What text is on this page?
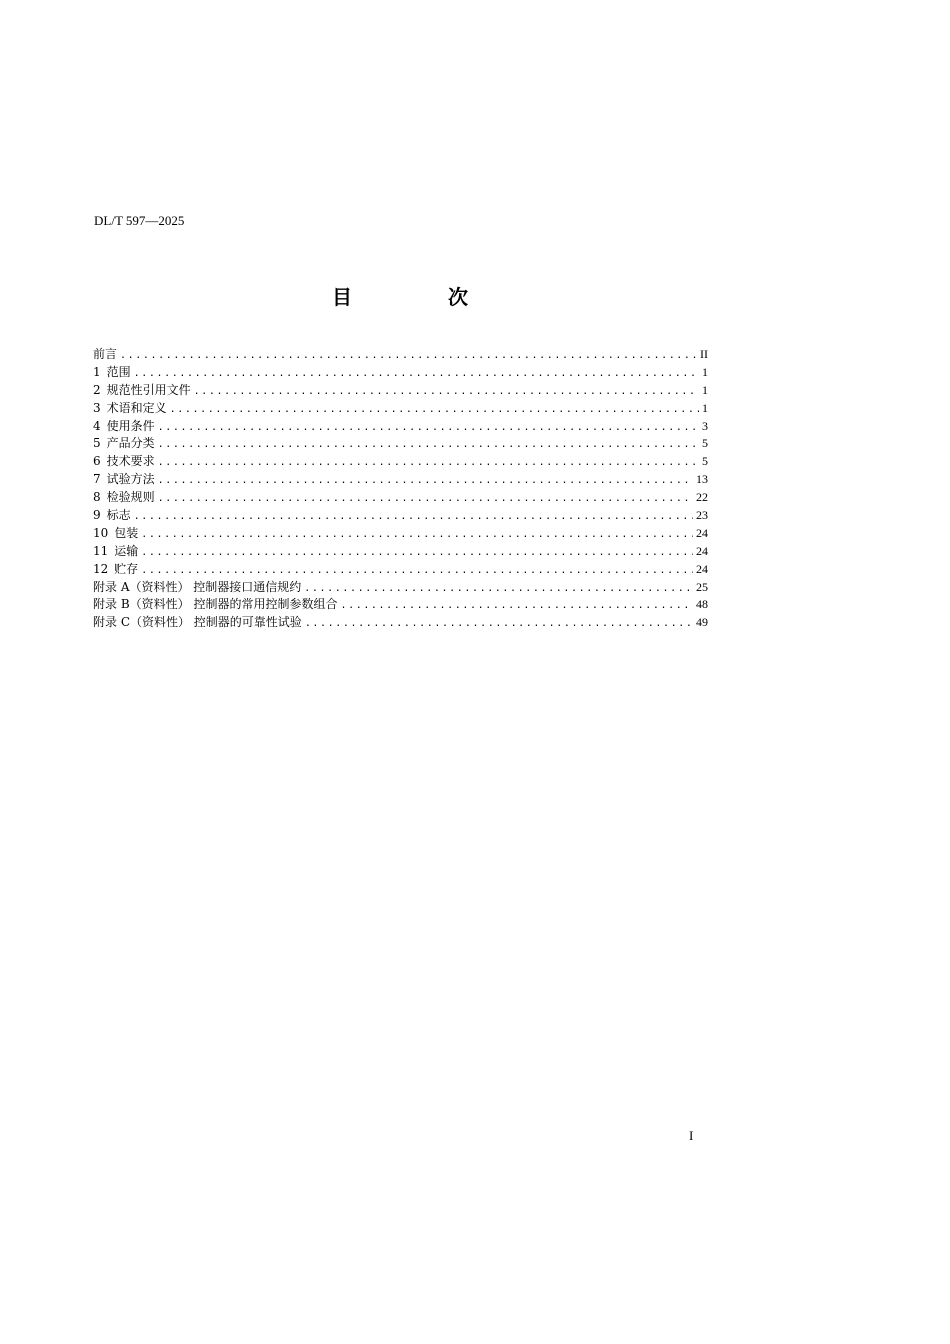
DL/T 597—2025
目　次
前言 .....	II
1 范围 .....	1
2 规范性引用文件 .....	1
3 术语和定义 .....	1
4 使用条件 .....	3
5 产品分类 .....	5
6 技术要求 .....	5
7 试验方法 .....	13
8 检验规则 .....	22
9 标志 .....	23
10 包装 .....	24
11 运输 .....	24
12 贮存 .....	24
附录 A（资料性） 控制器接口通信规约 .....	25
附录 B（资料性） 控制器的常用控制参数组合 .....	48
附录 C（资料性） 控制器的可靠性试验 .....	49
I
